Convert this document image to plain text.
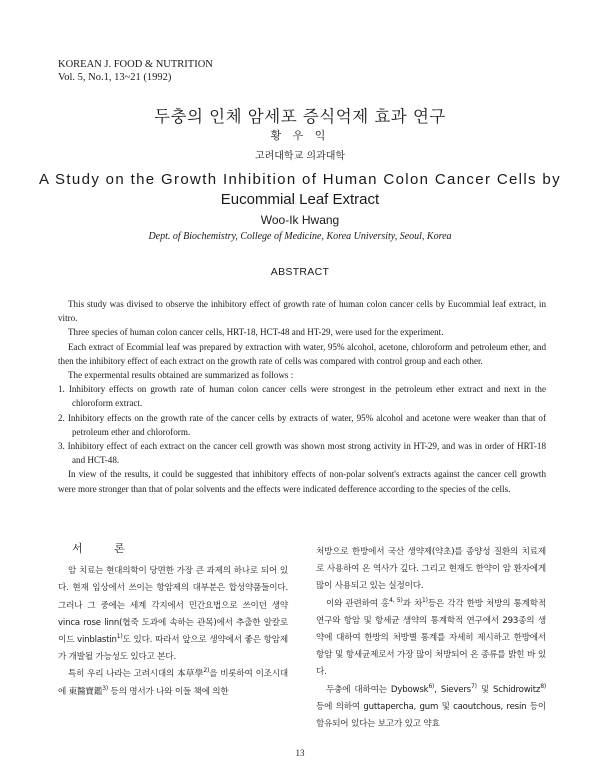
KOREAN J. FOOD & NUTRITION
Vol. 5, No.1, 13~21 (1992)
두충의 인체 암세포 증식억제 효과 연구
황 우 익
고려대학교 의과대학
A Study on the Growth Inhibition of Human Colon Cancer Cells by
Eucommial Leaf Extract
Woo-Ik Hwang
Dept. of Biochemistry, College of Medicine, Korea University, Seoul, Korea
ABSTRACT

This study was divised to observe the inhibitory effect of growth rate of human colon cancer cells by Eucommial leaf extract, in vitro.

Three species of human colon cancer cells, HRT-18, HCT-48 and HT-29, were used for the experiment.

Each extract of Ecommial leaf was prepared by extraction with water, 95% alcohol, acetone, chloroform and petroleum ether, and then the inhibitory effect of each extract on the growth rate of cells was compared with control group and each other.

The expermental results obtained are summarized as follows :

1. Inhibitory effects on growth rate of human colon cancer cells were strongest in the petroleum ether extract and next in the chloroform extract.

2. Inhibitory effects on the growth rate of the cancer cells by extracts of water, 95% alcohol and acetone were weaker than that of petroleum ether and chloroform.

3. Inhibitory effect of each extract on the cancer cell growth was shown most strong activity in HT-29, and was in order of HRT-18 and HCT-48.

In view of the results, it could be suggested that inhibitory effects of non-polar solvent's extracts against the cancer cell growth were more stronger than that of polar solvents and the effects were indicated defference according to the species of the cells.

서 론

암 치료는 현대의학이 당면한 가장 큰 과제의 하나로 되어 있다. 현재 임상에서 쓰이는 항암제의 대부분은 합성약품들이다. 그러나 그 중에는 세계 각지에서 민간요법으로 쓰이던 생약 vinca rose linn(협죽 도과에 속하는 관목)에서 추출한 알칼로이드 vinblastin$^{1)}$도 있다. 따라서 앞으로 생약에서 좋은 항암제가 개발될 가능성도 있다고 본다.

특히 우리 나라는 고려시대의 本草學$^{2)}$을 비롯하여 이조시대에 東醫寶鑑$^{3)}$ 등의 명서가 나와 이들 책에 의한

처방으로 한방에서 국산 생약제(약초)를 종양성 질환의 치료제로 사용하여 온 역사가 깊다. 그리고 현재도 한약이 암 환자에게 많이 사용되고 있는 실정이다.

이와 관련하여 홍$^{4, 5)}$과 차$^{1)}$등은 각각 한방 처방의 통계학적 연구와 항암 및 항세균 생약의 통계학적 연구에서 293종의 생약에 대하여 한방의 처방별 통계를 자세히 제시하고 한방에서 항암 및 항세균제로서 가장 많이 처방되어 온 종류를 밝힌 바 있다.

두충에 대하여는 Dybowsk$^{6)}$, Sievers$^{7)}$ 및 Schidrowitz$^{8)}$ 등에 의하여 guttapercha, gum 및 caoutchous, resin 등이 함유되어 있다는 보고가 있고 약효

13
